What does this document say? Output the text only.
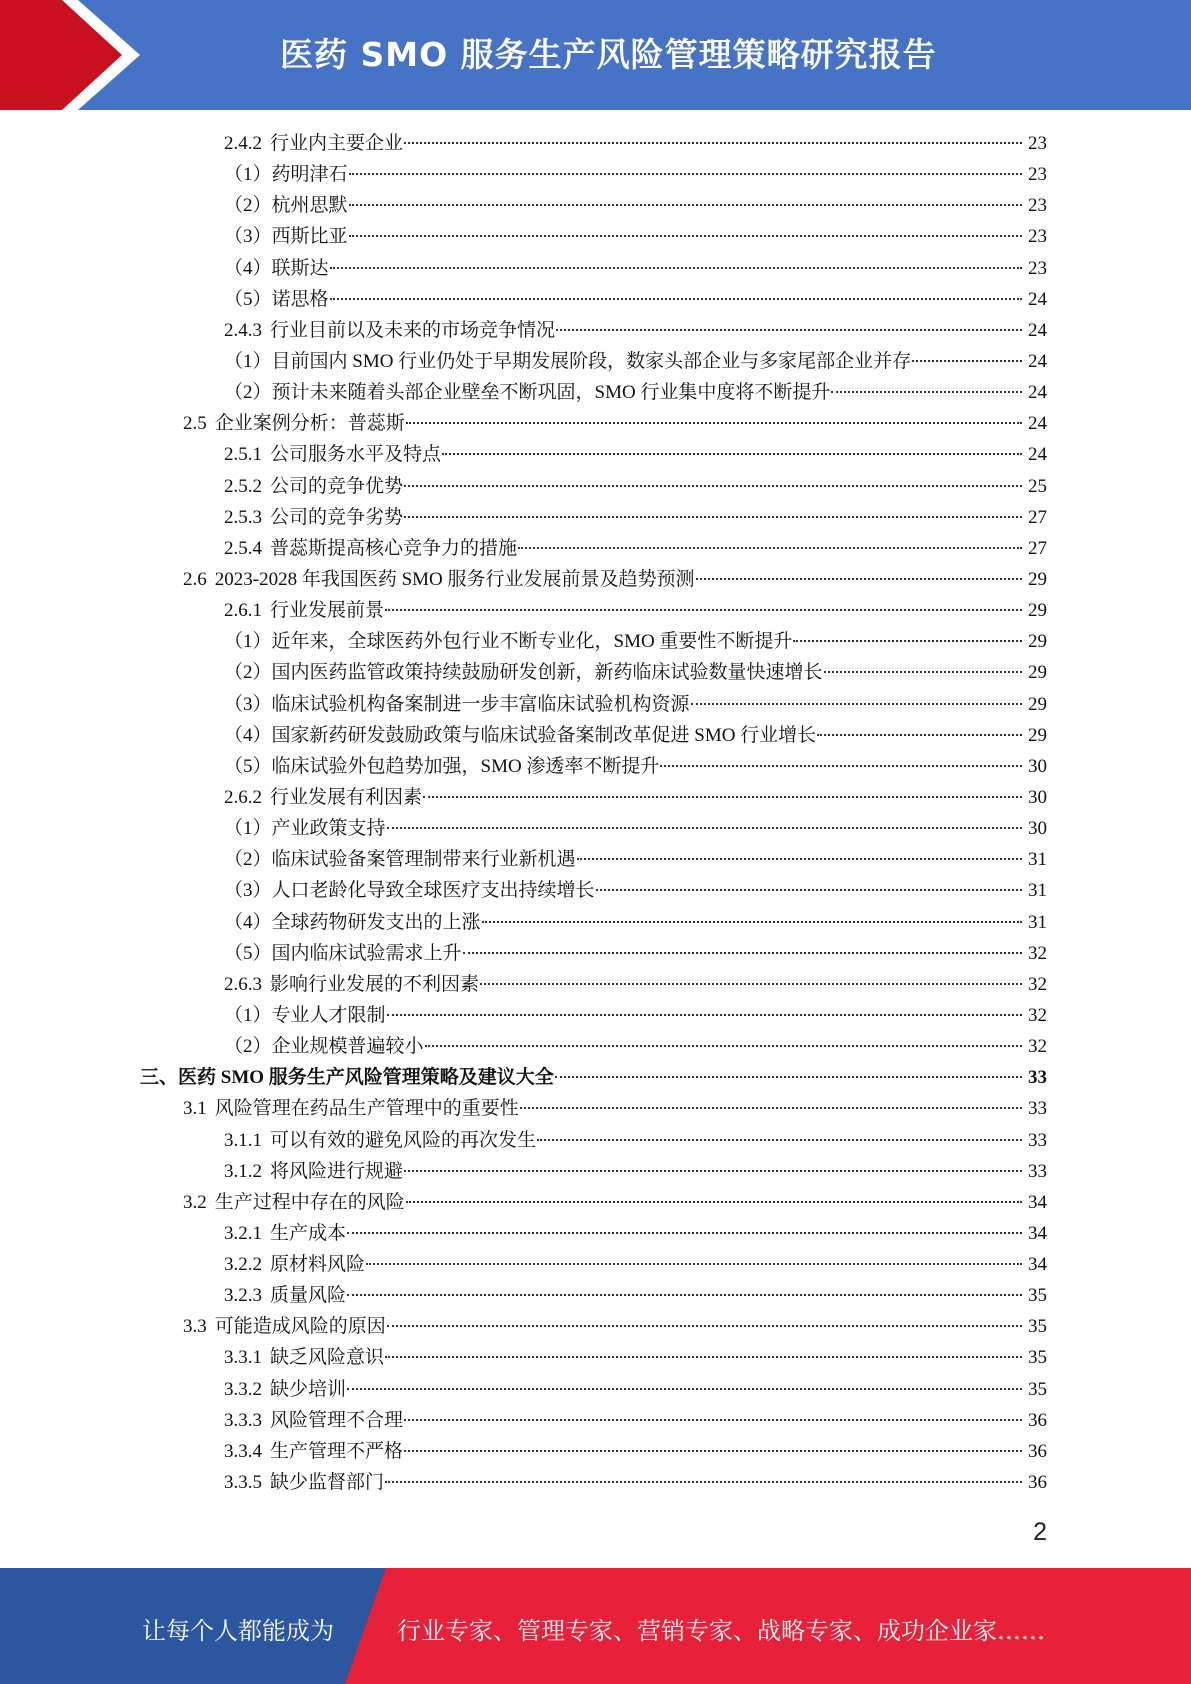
医药 SMO 服务生产风险管理策略研究报告
2.4.2 行业内主要企业	23
（1）药明津石	23
（2）杭州思默	23
（3）西斯比亚	23
（4）联斯达	23
（5）诺思格	24
2.4.3 行业目前以及未来的市场竞争情况	24
（1）目前国内 SMO 行业仍处于早期发展阶段，数家头部企业与多家尾部企业并存	24
（2）预计未来随着头部企业壁垒不断巩固，SMO 行业集中度将不断提升	24
2.5 企业案例分析：普蕊斯	24
2.5.1 公司服务水平及特点	24
2.5.2 公司的竞争优势	25
2.5.3 公司的竞争劣势	27
2.5.4 普蕊斯提高核心竞争力的措施	27
2.6 2023-2028 年我国医药 SMO 服务行业发展前景及趋势预测	29
2.6.1 行业发展前景	29
（1）近年来，全球医药外包行业不断专业化，SMO 重要性不断提升	29
（2）国内医药监管政策持续鼓励研发创新，新药临床试验数量快速增长	29
（3）临床试验机构备案制进一步丰富临床试验机构资源	29
（4）国家新药研发鼓励政策与临床试验备案制改革促进 SMO 行业增长	29
（5）临床试验外包趋势加强，SMO 渗透率不断提升	30
2.6.2 行业发展有利因素	30
（1）产业政策支持	30
（2）临床试验备案管理制带来行业新机遇	31
（3）人口老龄化导致全球医疗支出持续增长	31
（4）全球药物研发支出的上涨	31
（5）国内临床试验需求上升	32
2.6.3 影响行业发展的不利因素	32
（1）专业人才限制	32
（2）企业规模普遍较小	32
三、医药 SMO 服务生产风险管理策略及建议大全	33
3.1 风险管理在药品生产管理中的重要性	33
3.1.1 可以有效的避免风险的再次发生	33
3.1.2 将风险进行规避	33
3.2 生产过程中存在的风险	34
3.2.1 生产成本	34
3.2.2 原材料风险	34
3.2.3 质量风险	35
3.3 可能造成风险的原因	35
3.3.1 缺乏风险意识	35
3.3.2 缺少培训	35
3.3.3 风险管理不合理	36
3.3.4 生产管理不严格	36
3.3.5 缺少监督部门	36
2
让每个人都能成为	行业专家、管理专家、营销专家、战略专家、成功企业家……
